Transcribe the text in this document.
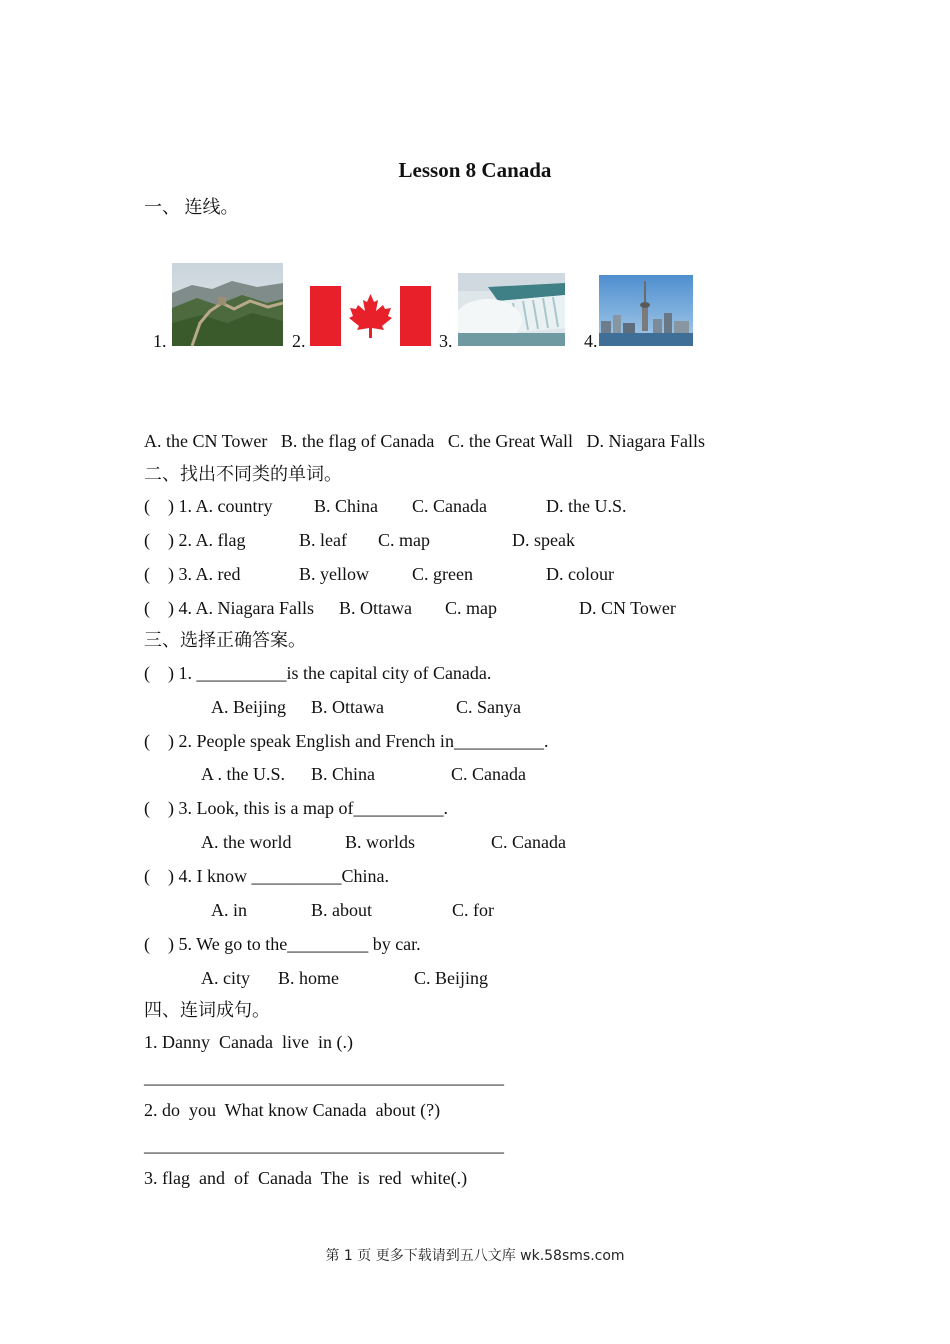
Lesson 8 Canada
一、 连线。
1.	2.	3.	4.
A. the CN Tower   B. the flag of Canada   C. the Great Wall   D. Niagara Falls
二、找出不同类的单词。
(    ) 1. A. country B. China C. Canada	D. the U.S.
(    ) 2. A. flag	B. leaf C. map	D. speak
(    ) 3. A. red	B. yellow C. green	D. colour
(    ) 4. A. Niagara Falls B. Ottawa C. map	D. CN Tower
三、选择正确答案。
(    ) 1. __________is the capital city of Canada.
A. Beijing B. Ottawa	C. Sanya
(    ) 2. People speak English and French in__________.
A . the U.S. B. China	C. Canada
(    ) 3. Look, this is a map of__________.
A. the world	B. worlds	C. Canada
(    ) 4. I know __________China.
A. in	B. about	C. for
(    ) 5. We go to the_________ by car.
A. city B. home	C. Beijing
四、连词成句。
1. Danny  Canada  live  in (.)
________________________________________
2. do  you  What know Canada  about (?)
________________________________________
3. flag  and  of  Canada  The  is  red  white(.)
第 1 页 更多下载请到五八文库 wk.58sms.com
